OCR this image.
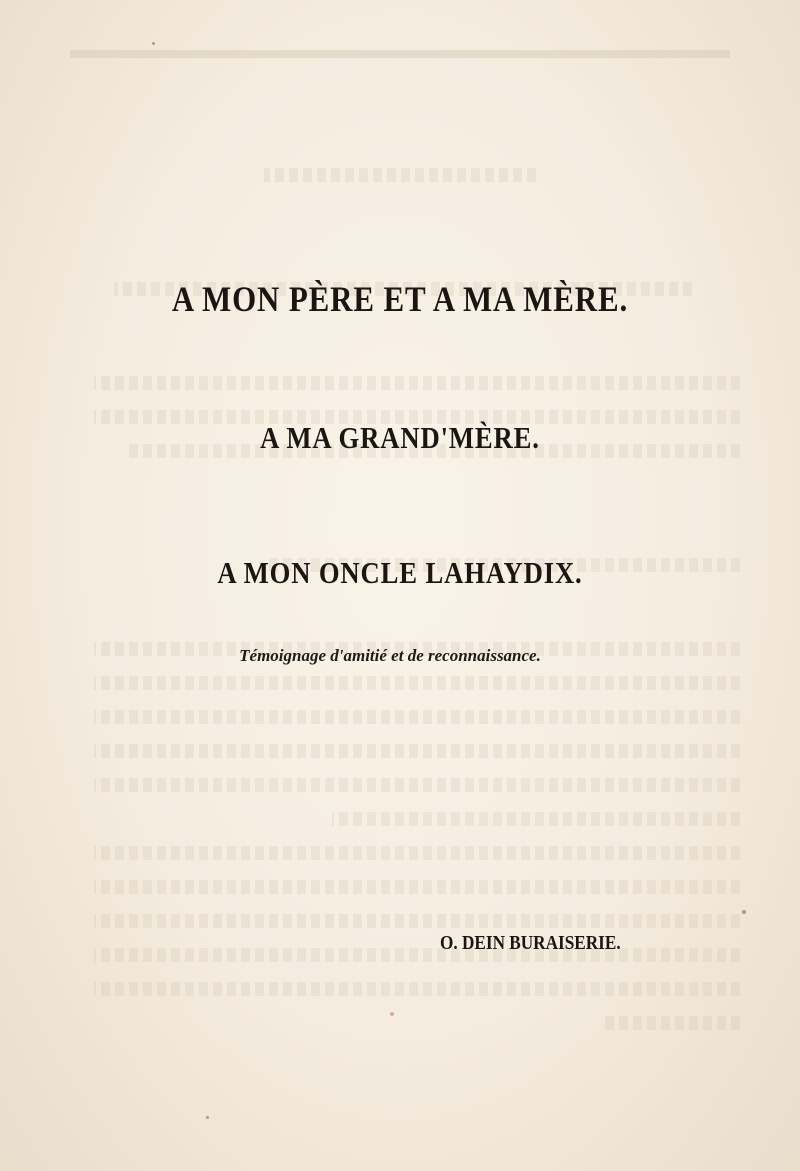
A MON PÈRE ET A MA MÈRE.
A MA GRAND'MÈRE.
A MON ONCLE LAHAYDIX.
Témoignage d'amitié et de reconnaissance.
O. DEIN BURAISERIE.
